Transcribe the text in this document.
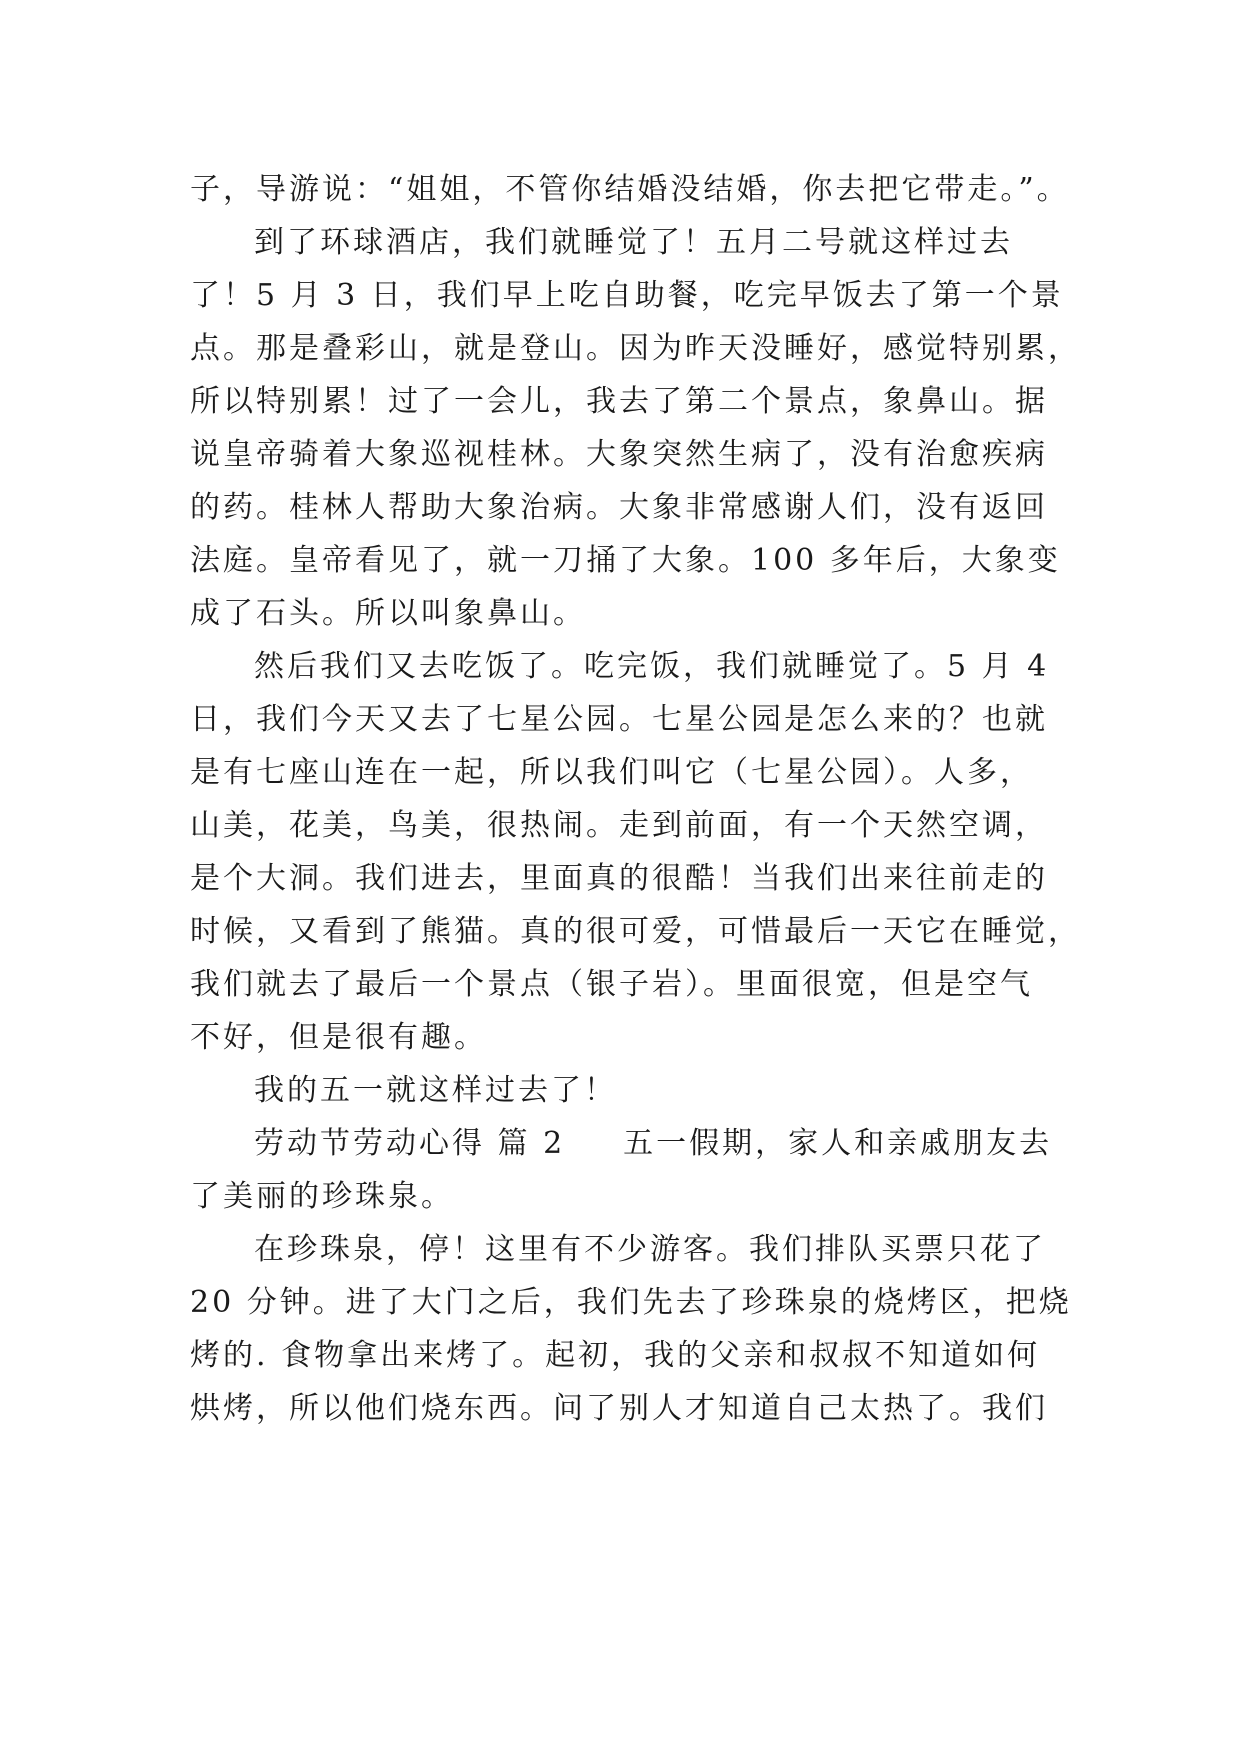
子，导游说：“姐姐，不管你结婚没结婚，你去把它带走。”。
到了环球酒店，我们就睡觉了！五月二号就这样过去
了！5 月 3 日，我们早上吃自助餐，吃完早饭去了第一个景
点。那是叠彩山，就是登山。因为昨天没睡好，感觉特别累，
所以特别累！过了一会儿，我去了第二个景点，象鼻山。据
说皇帝骑着大象巡视桂林。大象突然生病了，没有治愈疾病
的药。桂林人帮助大象治病。大象非常感谢人们，没有返回
法庭。皇帝看见了，就一刀捅了大象。100 多年后，大象变
成了石头。所以叫象鼻山。
然后我们又去吃饭了。吃完饭，我们就睡觉了。5 月 4
日，我们今天又去了七星公园。七星公园是怎么来的？也就
是有七座山连在一起，所以我们叫它（七星公园）。人多，
山美，花美，鸟美，很热闹。走到前面，有一个天然空调，
是个大洞。我们进去，里面真的很酷！当我们出来往前走的
时候，又看到了熊猫。真的很可爱，可惜最后一天它在睡觉，
我们就去了最后一个景点（银子岩）。里面很宽，但是空气
不好，但是很有趣。
我的五一就这样过去了！
劳动节劳动心得 篇 2 五一假期，家人和亲戚朋友去
了美丽的珍珠泉。
在珍珠泉，停！这里有不少游客。我们排队买票只花了
20 分钟。进了大门之后，我们先去了珍珠泉的烧烤区，把烧
烤的. 食物拿出来烤了。起初，我的父亲和叔叔不知道如何
烘烤，所以他们烧东西。问了别人才知道自己太热了。我们
